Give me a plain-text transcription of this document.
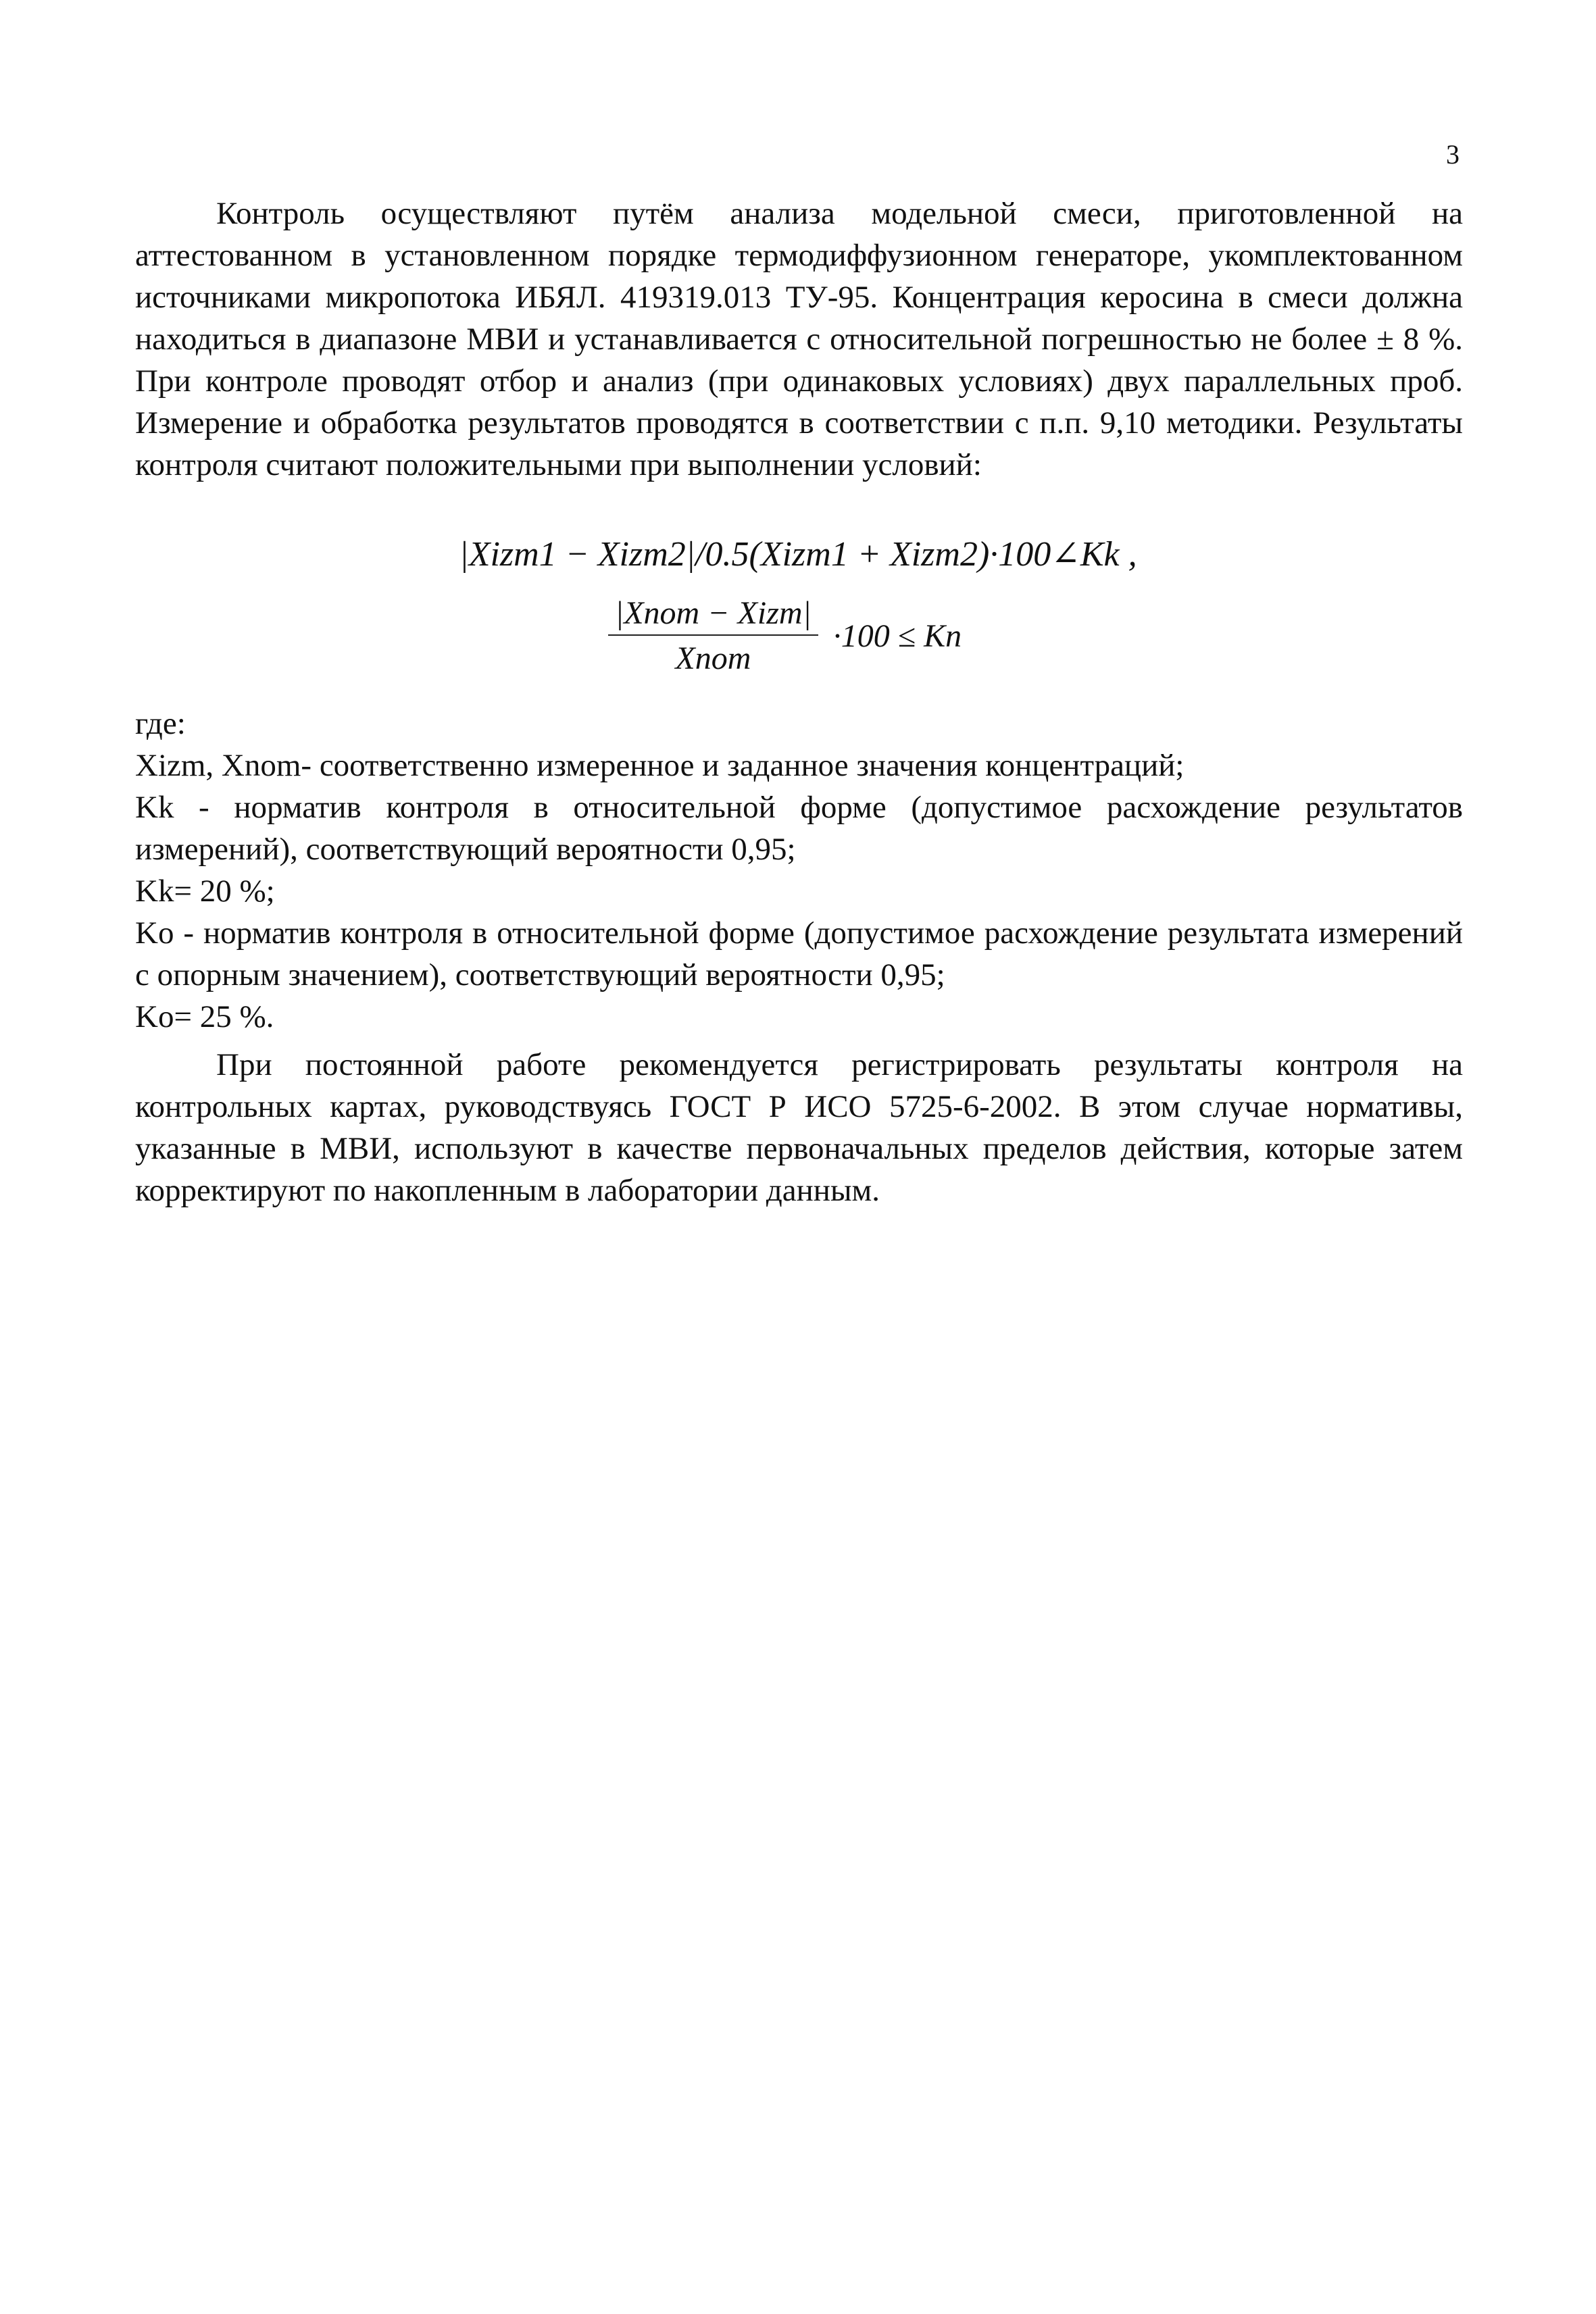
3

Контроль осуществляют путём анализа модельной смеси, приготовленной на аттестованном в установленном порядке термодиффузионном генераторе, укомплектованном источниками микропотока ИБЯЛ. 419319.013 ТУ-95. Концентрация керосина в смеси должна находиться в диапазоне МВИ и устанавливается с относительной погрешностью не более ± 8 %. При контроле проводят отбор и анализ (при одинаковых условиях) двух параллельных проб. Измерение и обработка результатов проводятся в соответствии с п.п. 9,10 методики. Результаты контроля считают положительными при выполнении условий:

|Xizm1 − Xizm2|/0.5(Xizm1 + Xizm2)·100∠Kk ,
$\frac{\text{|Xnom − Xizm|}}{\text{Xnom}} \cdot 100 \le Kn$

где:

Xizm, Xnom- соответственно измеренное и заданное значения концентраций;

Kk - норматив контроля в относительной форме (допустимое расхождение результатов измерений), соответствующий вероятности 0,95;

Kk= 20 %;

Ko - норматив контроля в относительной форме (допустимое расхождение результата измерений с опорным значением), соответствующий вероятности 0,95;

Ko= 25 %.

При постоянной работе рекомендуется регистрировать результаты контроля на контрольных картах, руководствуясь ГОСТ Р ИСО 5725-6-2002. В этом случае нормативы, указанные в МВИ, используют в качестве первоначальных пределов действия, которые затем корректируют по накопленным в лаборатории данным.
